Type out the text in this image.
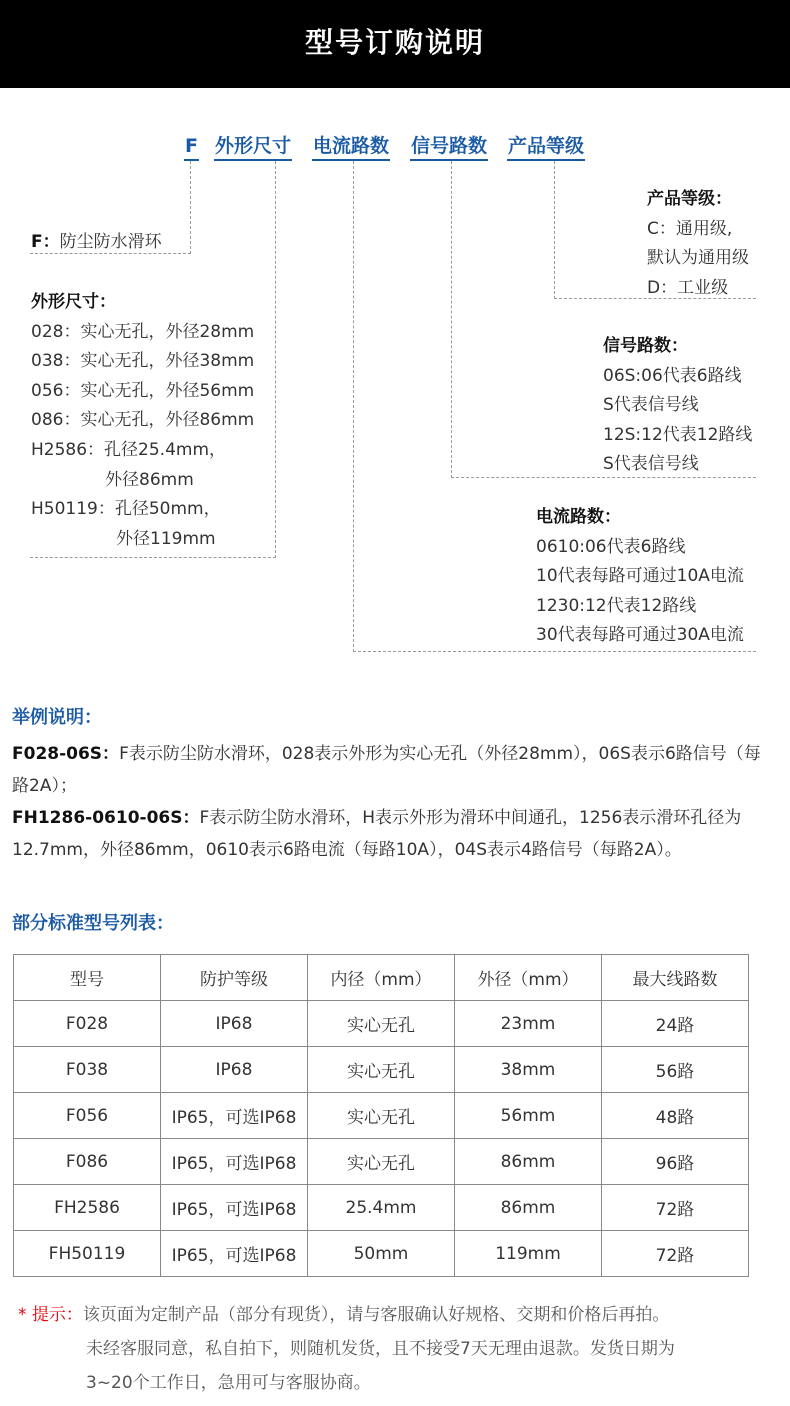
型号订购说明
F 外形尺寸 电流路数 信号路数 产品等级
F：防尘防水滑环
外形尺寸：
028：实心无孔，外径28mm
038：实心无孔，外径38mm
056：实心无孔，外径56mm
086：实心无孔，外径86mm
H2586：孔径25.4mm，
外径86mm
H50119：孔径50mm，
外径119mm
产品等级：
C：通用级,
默认为通用级
D：工业级
信号路数：
06S:06代表6路线
S代表信号线
12S:12代表12路线
S代表信号线
电流路数：
0610:06代表6路线
10代表每路可通过10A电流
1230:12代表12路线
30代表每路可通过30A电流
举例说明：
F028-06S：F表示防尘防水滑环，028表示外形为实心无孔（外径28mm），06S表示6路信号（每路2A）；
FH1286-0610-06S：F表示防尘防水滑环，H表示外形为滑环中间通孔，1256表示滑环孔径为12.7mm，外径86mm，0610表示6路电流（每路10A），04S表示4路信号（每路2A）。
部分标准型号列表：
型号	防护等级	内径（mm）	外径（mm）	最大线路数
F028	IP68	实心无孔	23mm	24路
F038	IP68	实心无孔	38mm	56路
F056	IP65，可选IP68	实心无孔	56mm	48路
F086	IP65，可选IP68	实心无孔	86mm	96路
FH2586	IP65，可选IP68	25.4mm	86mm	72路
FH50119	IP65，可选IP68	50mm	119mm	72路
* 提示：该页面为定制产品（部分有现货），请与客服确认好规格、交期和价格后再拍。
未经客服同意，私自拍下，则随机发货，且不接受7天无理由退款。发货日期为
3~20个工作日，急用可与客服协商。
